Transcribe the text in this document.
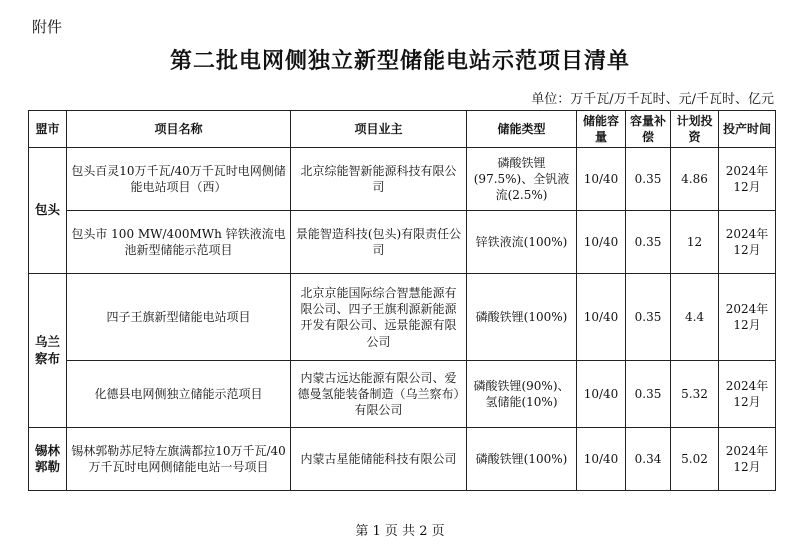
附件
第二批电网侧独立新型储能电站示范项目清单
单位：万千瓦/万千瓦时、元/千瓦时、亿元
盟市	项目名称	项目业主	储能类型	储能容量	容量补偿	计划投资	投产时间
包头	包头百灵10万千瓦/40万千瓦时电网侧储能电站项目（西）	北京综能智新能源科技有限公司	磷酸铁锂(97.5%)、全钒液流(2.5%)	10/40	0.35	4.86	2024年12月
	包头市 100 MW/400MWh 锌铁液流电池新型储能示范项目	景能智造科技(包头)有限责任公司	锌铁液流(100%)	10/40	0.35	12	2024年12月
乌兰察布	四子王旗新型储能电站项目	北京京能国际综合智慧能源有限公司、四子王旗利源新能源开发有限公司、远景能源有限公司	磷酸铁锂(100%)	10/40	0.35	4.4	2024年12月
	化德县电网侧独立储能示范项目	内蒙古远达能源有限公司、爱德曼氢能装备制造（乌兰察布）有限公司	磷酸铁锂(90%)、氢储能(10%)	10/40	0.35	5.32	2024年12月
锡林郭勒	锡林郭勒苏尼特左旗满都拉10万千瓦/40万千瓦时电网侧储能电站一号项目	内蒙古星能储能科技有限公司	磷酸铁锂(100%)	10/40	0.34	5.02	2024年12月
第 1 页 共 2 页
